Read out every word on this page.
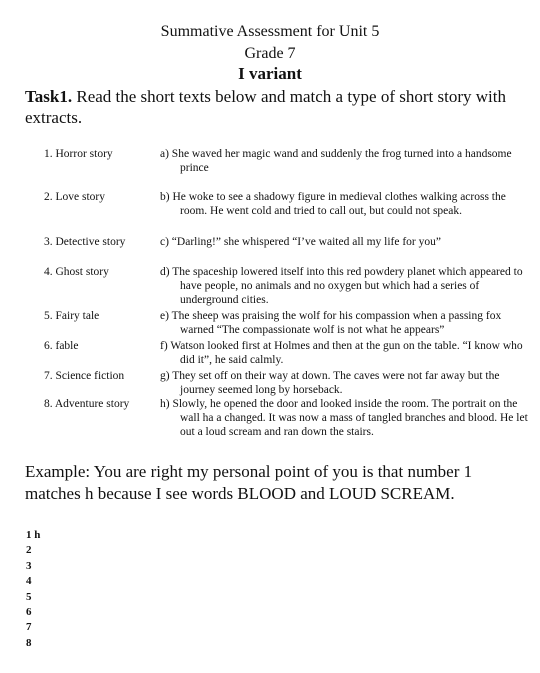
Summative Assessment for Unit 5
Grade 7
I variant
Task1. Read the short texts below and match a type of short story with extracts.
1. Horror story	a) She waved her magic wand and suddenly the frog turned into a handsome prince
2. Love story	b) He woke to see a shadowy figure in medieval clothes walking across the room. He went cold and tried to call out, but could not speak.
3. Detective story	c) “Darling!” she whispered “I’ve waited all my life for you”
4. Ghost story	d) The spaceship lowered itself into this red powdery planet which appeared to have people, no animals and no oxygen but which had a series of underground cities.
5. Fairy tale	e) The sheep was praising the wolf for his compassion when a passing fox warned “The compassionate wolf is not what he appears”
6. fable	f) Watson looked first at Holmes and then at the gun on the table. “I know who did it”, he said calmly.
7. Science fiction	g) They set off on their way at down. The caves were not far away but the journey seemed long by horseback.
8. Adventure story	h) Slowly, he opened the door and looked inside the room. The portrait on the wall ha a changed. It was now a mass of tangled branches and blood. He let out a loud scream and ran down the stairs.
Example: You are right my personal point of you is that number 1 matches h because I see words BLOOD and LOUD SCREAM.
1 h
2
3
4
5
6
7
8
